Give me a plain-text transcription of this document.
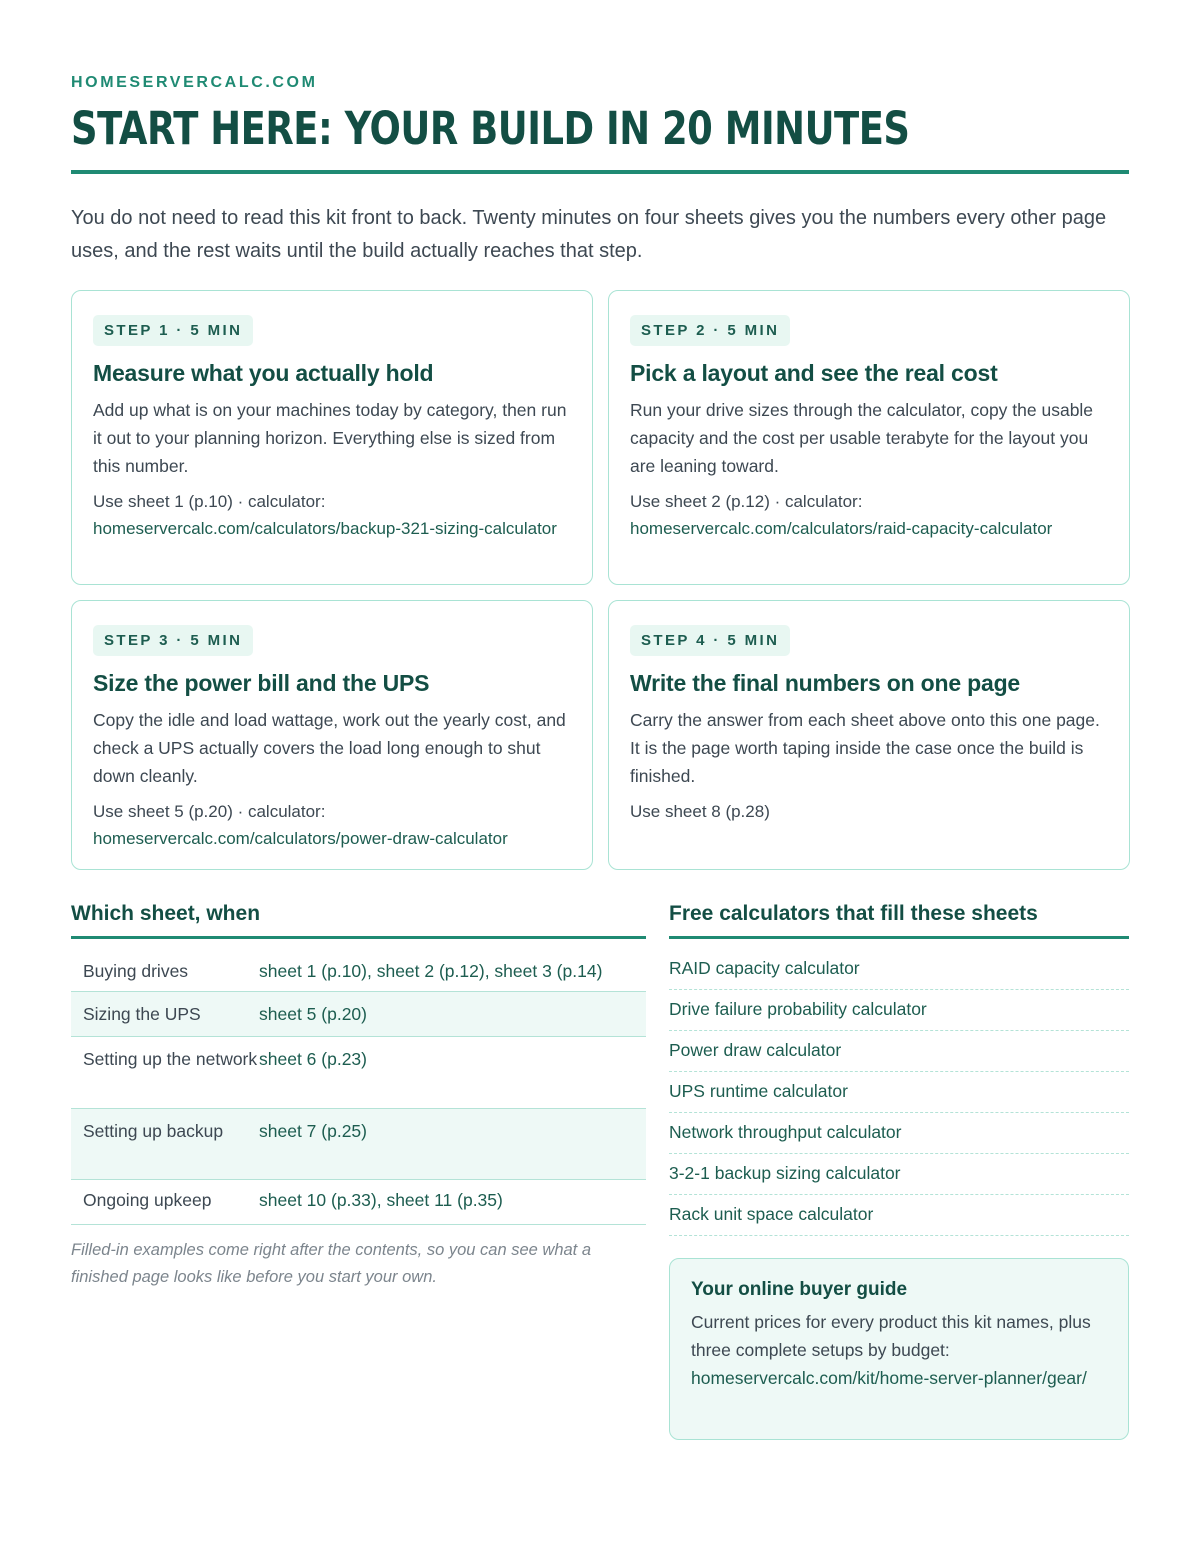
HOMESERVERCALC.COM
START HERE: YOUR BUILD IN 20 MINUTES

You do not need to read this kit front to back. Twenty minutes on four sheets gives you the numbers every other page uses, and the rest waits until the build actually reaches that step.

STEP 1 · 5 MIN
Measure what you actually hold
Add up what is on your machines today by category, then run it out to your planning horizon. Everything else is sized from this number.
Use sheet 1 (p.10) · calculator:
homeservercalc.com/calculators/backup-321-sizing-calculator
STEP 2 · 5 MIN
Pick a layout and see the real cost
Run your drive sizes through the calculator, copy the usable capacity and the cost per usable terabyte for the layout you are leaning toward.
Use sheet 2 (p.12) · calculator:
homeservercalc.com/calculators/raid-capacity-calculator
STEP 3 · 5 MIN
Size the power bill and the UPS
Copy the idle and load wattage, work out the yearly cost, and check a UPS actually covers the load long enough to shut down cleanly.
Use sheet 5 (p.20) · calculator:
homeservercalc.com/calculators/power-draw-calculator
STEP 4 · 5 MIN
Write the final numbers on one page
Carry the answer from each sheet above onto this one page. It is the page worth taping inside the case once the build is finished.
Use sheet 8 (p.28)
Which sheet, when
Buying drives	sheet 1 (p.10), sheet 2 (p.12), sheet 3 (p.14)
Sizing the UPS	sheet 5 (p.20)
Setting up the network sheet 6 (p.23)
Setting up backup	sheet 7 (p.25)
Ongoing upkeep	sheet 10 (p.33), sheet 11 (p.35)

Filled-in examples come right after the contents, so you can see what a finished page looks like before you start your own.

Free calculators that fill these sheets
RAID capacity calculator
Drive failure probability calculator
Power draw calculator
UPS runtime calculator
Network throughput calculator
3-2-1 backup sizing calculator
Rack unit space calculator
Your online buyer guide
Current prices for every product this kit names, plus three complete setups by budget:
homeservercalc.com/kit/home-server-planner/gear/
